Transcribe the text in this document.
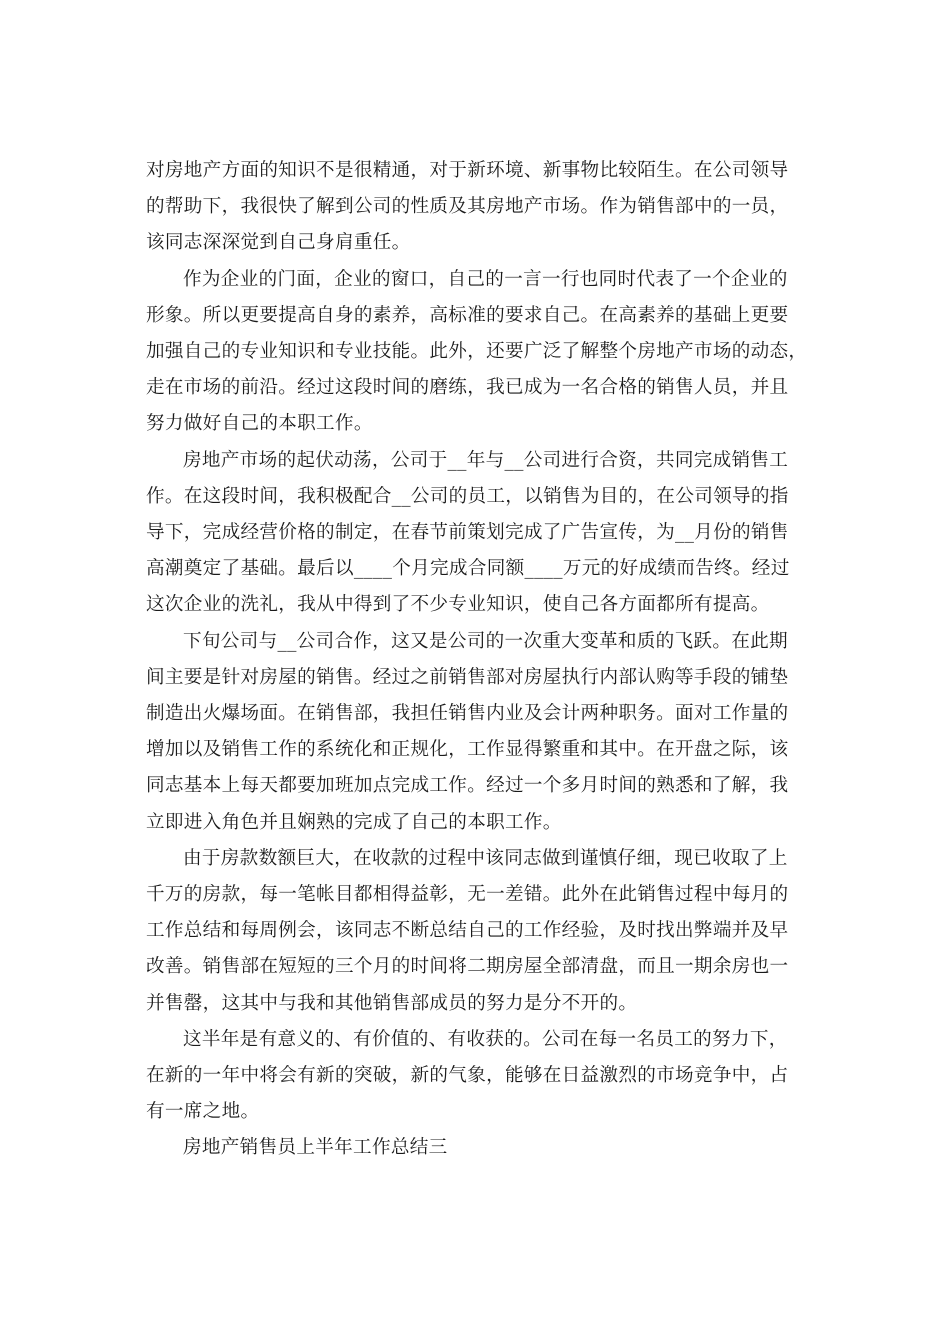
对房地产方面的知识不是很精通，对于新环境、新事物比较陌生。在公司领导
的帮助下，我很快了解到公司的性质及其房地产市场。作为销售部中的一员，
该同志深深觉到自己身肩重任。

作为企业的门面，企业的窗口，自己的一言一行也同时代表了一个企业的
形象。所以更要提高自身的素养，高标准的要求自己。在高素养的基础上更要
加强自己的专业知识和专业技能。此外，还要广泛了解整个房地产市场的动态，
走在市场的前沿。经过这段时间的磨练，我已成为一名合格的销售人员，并且
努力做好自己的本职工作。

房地产市场的起伏动荡，公司于__年与__公司进行合资，共同完成销售工
作。在这段时间，我积极配合__公司的员工，以销售为目的，在公司领导的指
导下，完成经营价格的制定，在春节前策划完成了广告宣传，为__月份的销售
高潮奠定了基础。最后以____个月完成合同额____万元的好成绩而告终。经过
这次企业的洗礼，我从中得到了不少专业知识，使自己各方面都所有提高。

下旬公司与__公司合作，这又是公司的一次重大变革和质的飞跃。在此期
间主要是针对房屋的销售。经过之前销售部对房屋执行内部认购等手段的铺垫
制造出火爆场面。在销售部，我担任销售内业及会计两种职务。面对工作量的
增加以及销售工作的系统化和正规化，工作显得繁重和其中。在开盘之际，该
同志基本上每天都要加班加点完成工作。经过一个多月时间的熟悉和了解，我
立即进入角色并且娴熟的完成了自己的本职工作。

由于房款数额巨大，在收款的过程中该同志做到谨慎仔细，现已收取了上
千万的房款，每一笔帐目都相得益彰，无一差错。此外在此销售过程中每月的
工作总结和每周例会，该同志不断总结自己的工作经验，及时找出弊端并及早
改善。销售部在短短的三个月的时间将二期房屋全部清盘，而且一期余房也一
并售罄，这其中与我和其他销售部成员的努力是分不开的。

这半年是有意义的、有价值的、有收获的。公司在每一名员工的努力下，
在新的一年中将会有新的突破，新的气象，能够在日益激烈的市场竞争中，占
有一席之地。

房地产销售员上半年工作总结三
